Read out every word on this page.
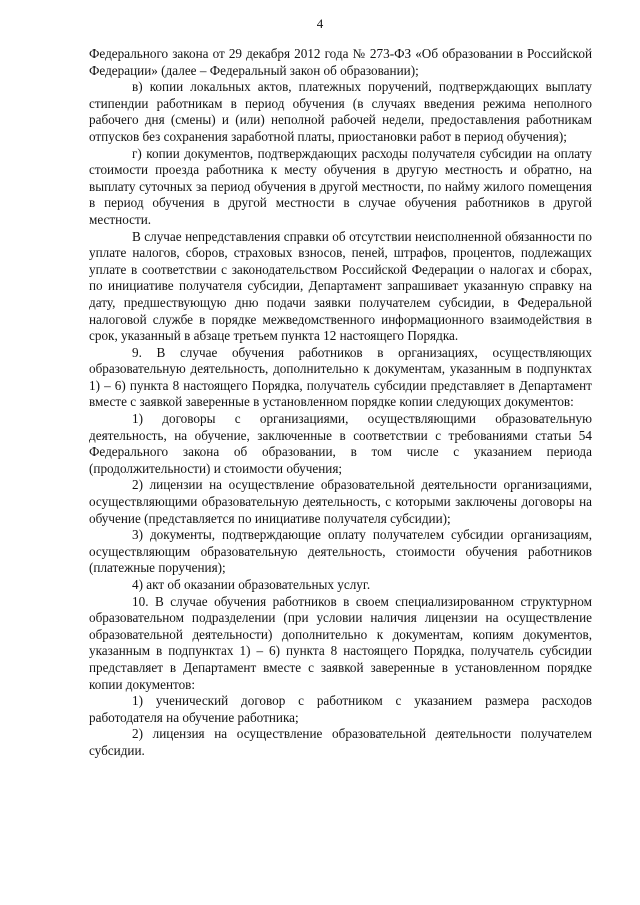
4

Федерального закона от 29 декабря 2012 года № 273-ФЗ «Об образовании в Российской Федерации» (далее – Федеральный закон об образовании);

в) копии локальных актов, платежных поручений, подтверждающих выплату стипендии работникам в период обучения (в случаях введения режима неполного рабочего дня (смены) и (или) неполной рабочей недели, предоставления работникам отпусков без сохранения заработной платы, приостановки работ в период обучения);

г) копии документов, подтверждающих расходы получателя субсидии на оплату стоимости проезда работника к месту обучения в другую местность и обратно, на выплату суточных за период обучения в другой местности, по найму жилого помещения в период обучения в другой местности в случае обучения работников в другой местности.

В случае непредставления справки об отсутствии неисполненной обязанности по уплате налогов, сборов, страховых взносов, пеней, штрафов, процентов, подлежащих уплате в соответствии с законодательством Российской Федерации о налогах и сборах, по инициативе получателя субсидии, Департамент запрашивает указанную справку на дату, предшествующую дню подачи заявки получателем субсидии, в Федеральной налоговой службе в порядке межведомственного информационного взаимодействия в срок, указанный в абзаце третьем пункта 12 настоящего Порядка.

9. В случае обучения работников в организациях, осуществляющих образовательную деятельность, дополнительно к документам, указанным в подпунктах 1) – 6) пункта 8 настоящего Порядка, получатель субсидии представляет в Департамент вместе с заявкой заверенные в установленном порядке копии следующих документов:

1) договоры с организациями, осуществляющими образовательную деятельность, на обучение, заключенные в соответствии с требованиями статьи 54 Федерального закона об образовании, в том числе с указанием периода (продолжительности) и стоимости обучения;

2) лицензии на осуществление образовательной деятельности организациями, осуществляющими образовательную деятельность, с которыми заключены договоры на обучение (представляется по инициативе получателя субсидии);

3) документы, подтверждающие оплату получателем субсидии организациям, осуществляющим образовательную деятельность, стоимости обучения работников (платежные поручения);

4) акт об оказании образовательных услуг.

10. В случае обучения работников в своем специализированном структурном образовательном подразделении (при условии наличия лицензии на осуществление образовательной деятельности) дополнительно к документам, копиям документов, указанным в подпунктах 1) – 6) пункта 8 настоящего Порядка, получатель субсидии представляет в Департамент вместе с заявкой заверенные в установленном порядке копии документов:

1) ученический договор с работником с указанием размера расходов работодателя на обучение работника;

2) лицензия на осуществление образовательной деятельности получателем субсидии.
